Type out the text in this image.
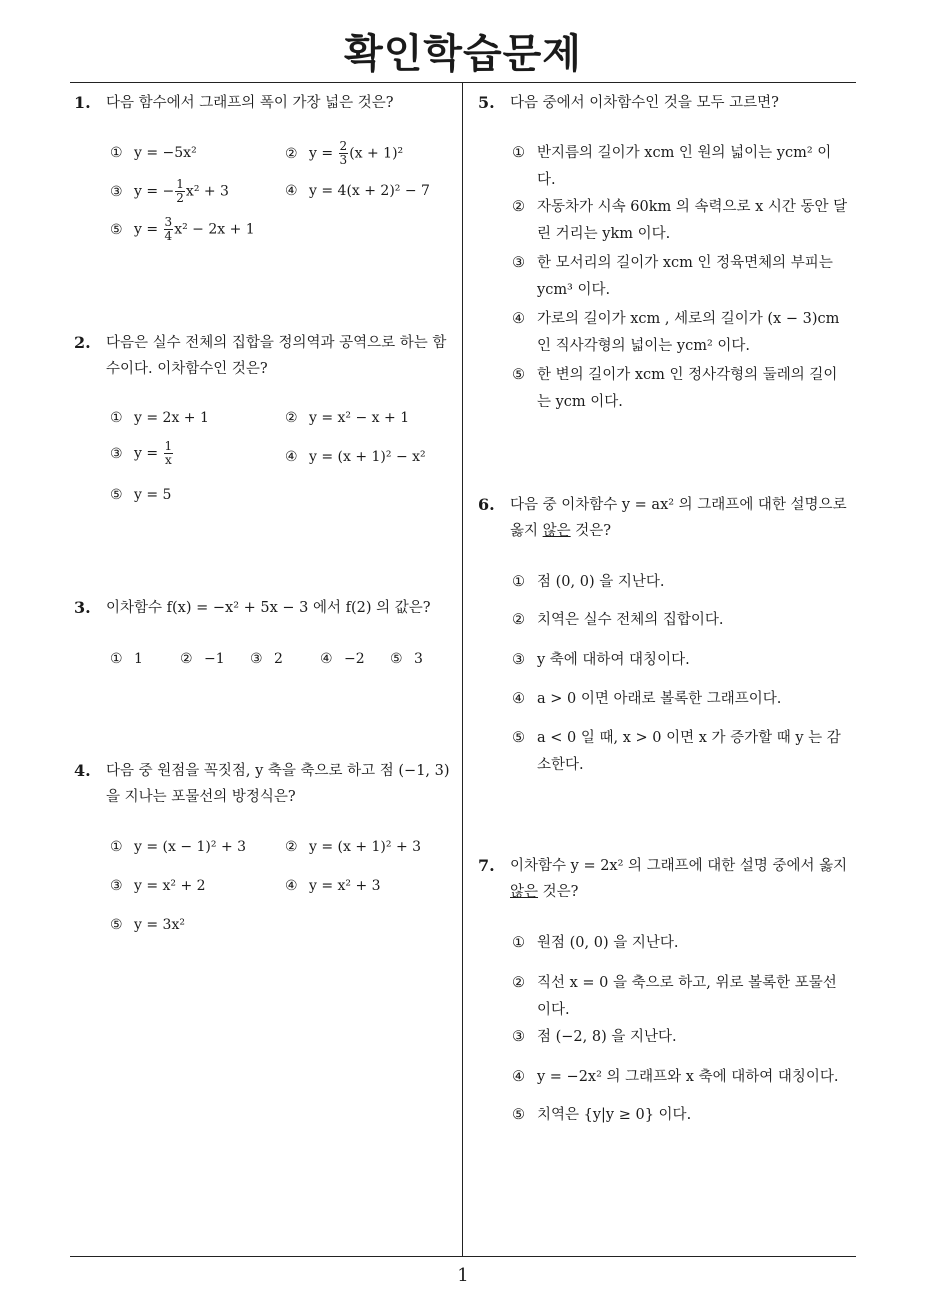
확인학습문제
1
1. 다음 함수에서 그래프의 폭이 가장 넓은 것은?
① y = −5x²	② $y = \frac{2}{3} (x + 1)^2$
③ y = − $\frac{1}{2} x^2 + 3$	④ y = 4(x + 2)² − 7
⑤ $y = \frac{3}{4} x^2 - 2x + 1$
2. 다음은 실수 전체의 집합을 정의역과 공역으로 하는 함수이다. 이차함수인 것은?
① y = 2x + 1	② y = x² − x + 1
③ $y = \frac{1}{x}$	④ y = (x + 1)² − x²
⑤ y = 5
3. 이차함수 f(x) = −x² + 5x − 3 에서 f(2) 의 값은?
① 1	② −1 ③ 2	④ −2 ⑤ 3
4. 다음 중 원점을 꼭짓점, y 축을 축으로 하고 점 (−1, 3) 을 지나는 포물선의 방정식은?
① y = (x − 1)² + 3	② y = (x + 1)² + 3
③ y = x² + 2	④ y = x² + 3
⑤ y = 3x²
5. 다음 중에서 이차함수인 것을 모두 고르면?
① 반지름의 길이가 xcm 인 원의 넓이는 ycm² 이다.
② 자동차가 시속 60km 의 속력으로 x 시간 동안 달린 거리는 ykm 이다.
③ 한 모서리의 길이가 xcm 인 정육면체의 부피는 ycm³ 이다.
④ 가로의 길이가 xcm , 세로의 길이가 (x − 3)cm 인 직사각형의 넓이는 ycm² 이다.
⑤ 한 변의 길이가 xcm 인 정사각형의 둘레의 길이는 ycm 이다.
6. 다음 중 이차함수 y = ax² 의 그래프에 대한 설명으로 옳지 않은 것은?
① 점 (0, 0) 을 지난다.
② 치역은 실수 전체의 집합이다.
③ y 축에 대하여 대칭이다.
④ a > 0 이면 아래로 볼록한 그래프이다.
⑤ a < 0 일 때, x > 0 이면 x 가 증가할 때 y 는 감소한다.
7. 이차함수 y = 2x² 의 그래프에 대한 설명 중에서 옳지 않은 것은?
① 원점 (0, 0) 을 지난다.
② 직선 x = 0 을 축으로 하고, 위로 볼록한 포물선이다.
③ 점 (−2, 8) 을 지난다.
④ y = −2x² 의 그래프와 x 축에 대하여 대칭이다.
⑤ 치역은 {y|y ≥ 0} 이다.
